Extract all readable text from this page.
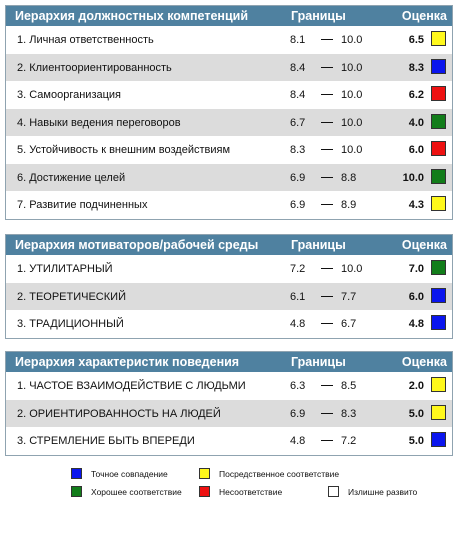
Иерархия должностных компетенций	Границы	Оценка
1. Личная ответственность	8.1	10.0	6.5
2. Клиентоориентированность	8.4	10.0	8.3
3. Самоорганизация	8.4	10.0	6.2
4. Навыки ведения переговоров	6.7	10.0	4.0
5. Устойчивость к внешним воздействиям	8.3	10.0	6.0
6. Достижение целей	6.9	8.8	10.0
7. Развитие подчиненных	6.9	8.9	4.3
Иерархия мотиваторов/рабочей среды	Границы	Оценка
1. УТИЛИТАРНЫЙ	7.2	10.0	7.0
2. ТЕОРЕТИЧЕСКИЙ	6.1	7.7	6.0
3. ТРАДИЦИОННЫЙ	4.8	6.7	4.8
Иерархия характеристик поведения	Границы	Оценка
1. ЧАСТОЕ ВЗАИМОДЕЙСТВИЕ С ЛЮДЬМИ	6.3	8.5	2.0
2. ОРИЕНТИРОВАННОСТЬ НА ЛЮДЕЙ	6.9	8.3	5.0
3. СТРЕМЛЕНИЕ БЫТЬ ВПЕРЕДИ	4.8	7.2	5.0
Точное совпадение	Посредственное соответствие
Хорошее соответствие	Несоответствие	Излишне развито
